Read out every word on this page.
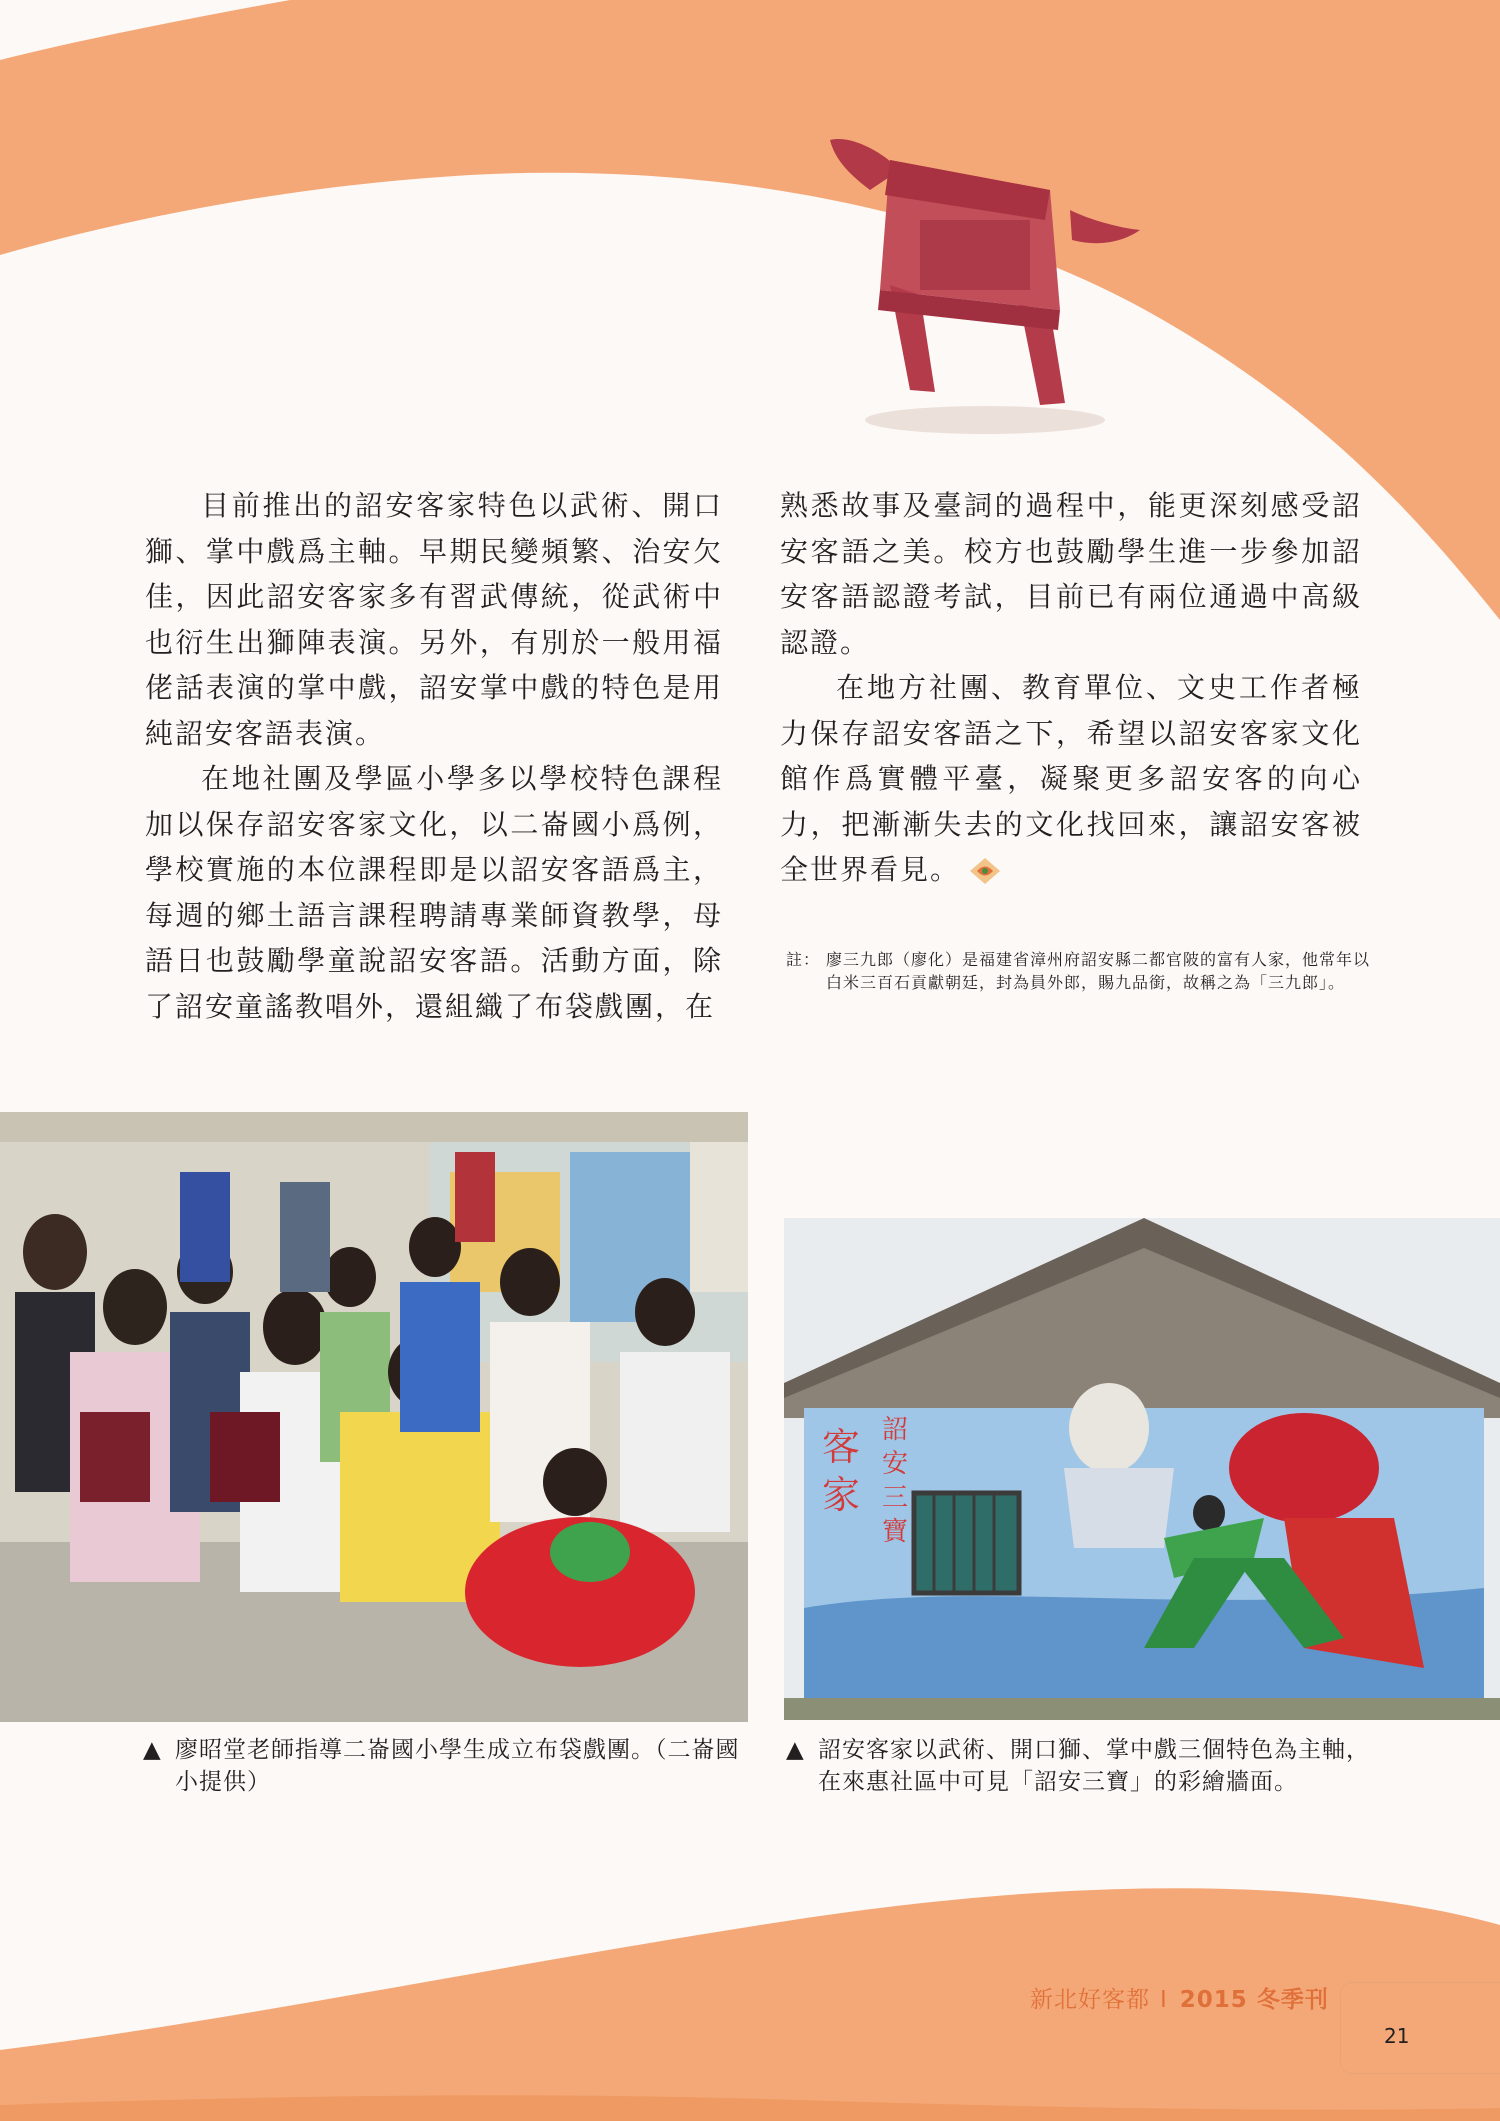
目前推出的詔安客家特色以武術、開口獅、掌中戲爲主軸。早期民變頻繁、治安欠佳，因此詔安客家多有習武傳統，從武術中也衍生出獅陣表演。另外，有別於一般用福佬話表演的掌中戲，詔安掌中戲的特色是用純詔安客語表演。

在地社團及學區小學多以學校特色課程加以保存詔安客家文化，以二崙國小爲例，學校實施的本位課程即是以詔安客語爲主，每週的鄉土語言課程聘請專業師資教學，母語日也鼓勵學童說詔安客語。活動方面，除了詔安童謠教唱外，還組織了布袋戲團，在

熟悉故事及臺詞的過程中，能更深刻感受詔安客語之美。校方也鼓勵學生進一步參加詔安客語認證考試，目前已有兩位通過中高級認證。

在地方社團、教育單位、文史工作者極力保存詔安客語之下，希望以詔安客家文化館作爲實體平臺，凝聚更多詔安客的向心力，把漸漸失去的文化找回來，讓詔安客被全世界看見。

註： 廖三九郎（廖化）是福建省漳州府詔安縣二都官陂的富有人家，他常年以白米三百石貢獻朝廷，封為員外郎，賜九品銜，故稱之為「三九郎」。
客家
詔安三寶
▲ 廖昭堂老師指導二崙國小學生成立布袋戲團。（二崙國小提供）
▲ 詔安客家以武術、開口獅、掌中戲三個特色為主軸，在來惠社區中可見「詔安三寶」的彩繪牆面。
新北好客都 I 2015 冬季刊
21
